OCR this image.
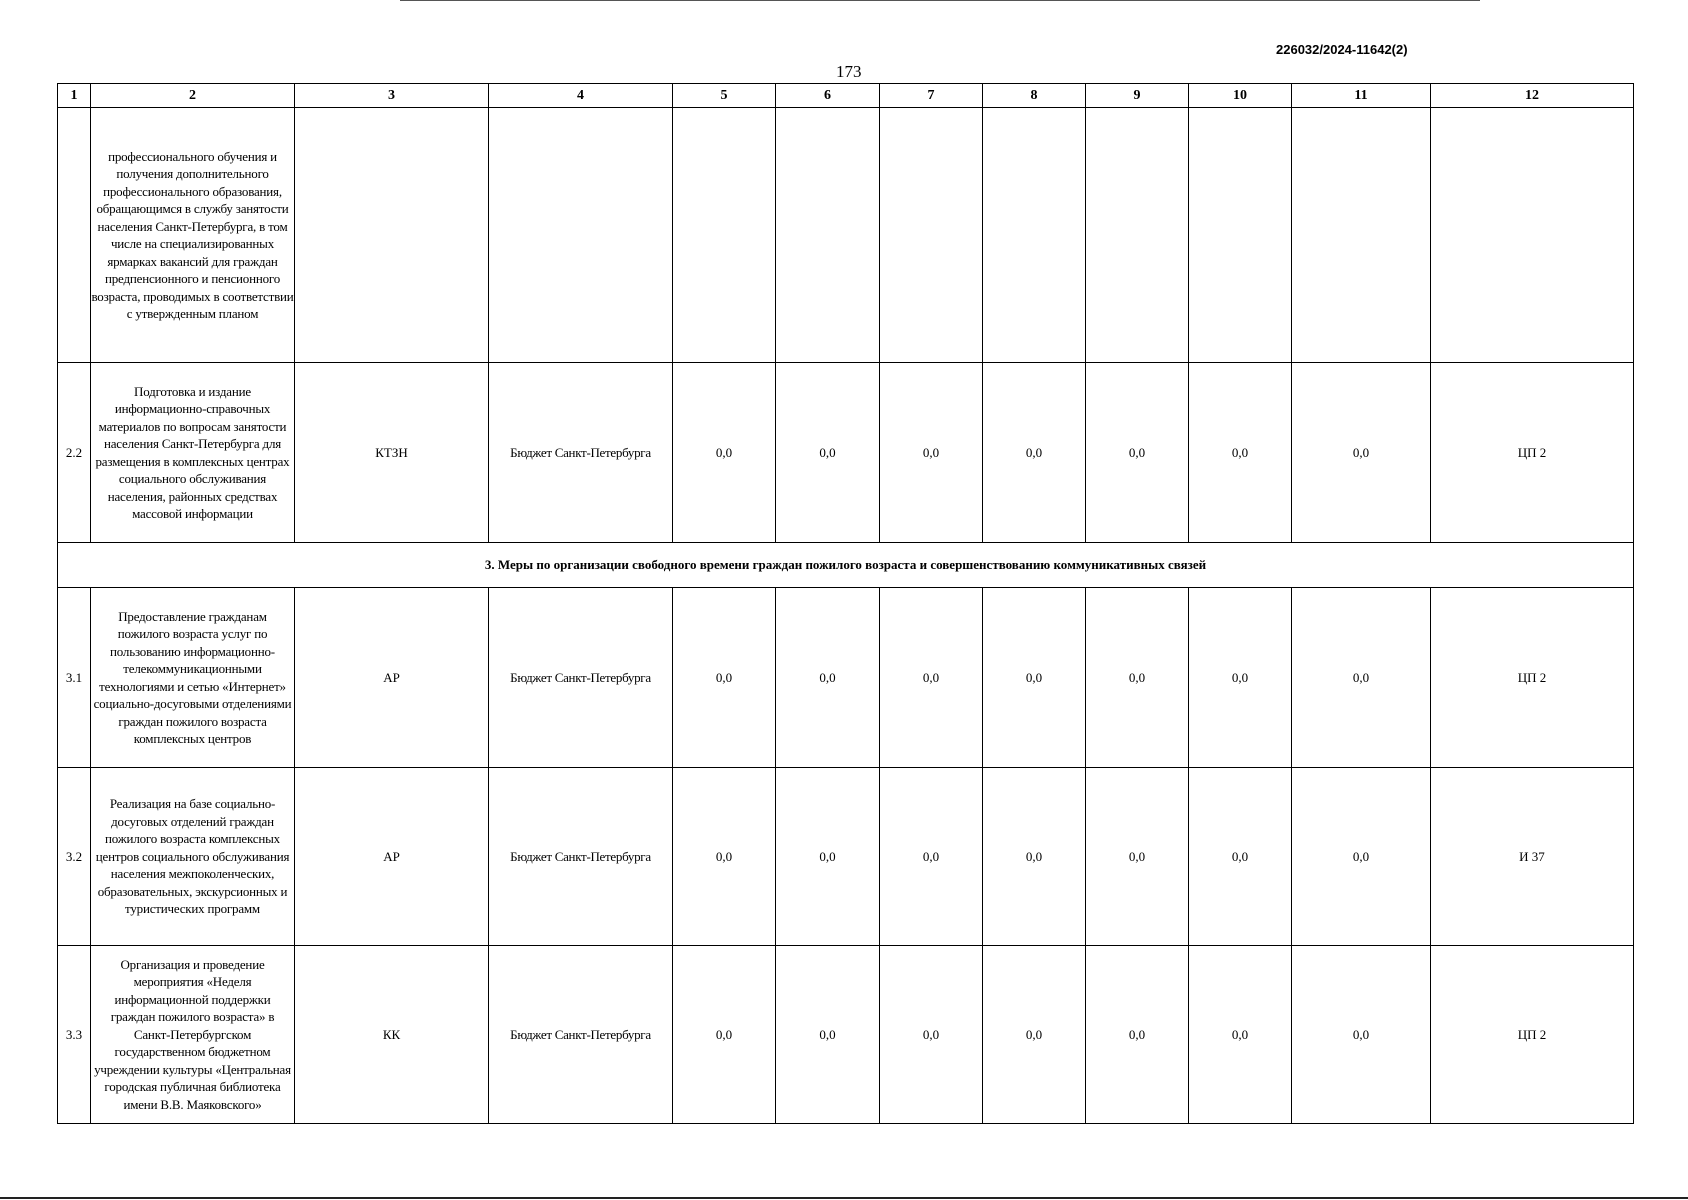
226032/2024-11642(2)
173
1	2	3	4	5	6	7	8	9	10	11	12
	профессионального обучения и получения дополнительного профессионального образования, обращающимся в службу занятости населения Санкт-Петербурга, в том числе на специализированных ярмарках вакансий для граждан предпенсионного и пенсионного возраста, проводимых в соответствии с утвержденным планом										
2.2	Подготовка и издание информационно-справочных материалов по вопросам занятости населения Санкт-Петербурга для размещения в комплексных центрах социального обслуживания населения, районных средствах массовой информации	КТЗН	Бюджет Санкт-Петербурга	0,0	0,0	0,0	0,0	0,0	0,0	0,0	ЦП 2
3. Меры по организации свободного времени граждан пожилого возраста и совершенствованию коммуникативных связей											
3.1	Предоставление гражданам пожилого возраста услуг по пользованию информационно-телекоммуникационными технологиями и сетью «Интернет» социально-досуговыми отделениями граждан пожилого возраста комплексных центров	АР	Бюджет Санкт-Петербурга	0,0	0,0	0,0	0,0	0,0	0,0	0,0	ЦП 2
3.2	Реализация на базе социально-досуговых отделений граждан пожилого возраста комплексных центров социального обслуживания населения межпоколенческих, образовательных, экскурсионных и туристических программ	АР	Бюджет Санкт-Петербурга	0,0	0,0	0,0	0,0	0,0	0,0	0,0	И 37
3.3	Организация и проведение мероприятия «Неделя информационной поддержки граждан пожилого возраста» в Санкт-Петербургском государственном бюджетном учреждении культуры «Центральная городская публичная библиотека имени В.В. Маяковского»	КК	Бюджет Санкт-Петербурга	0,0	0,0	0,0	0,0	0,0	0,0	0,0	ЦП 2
